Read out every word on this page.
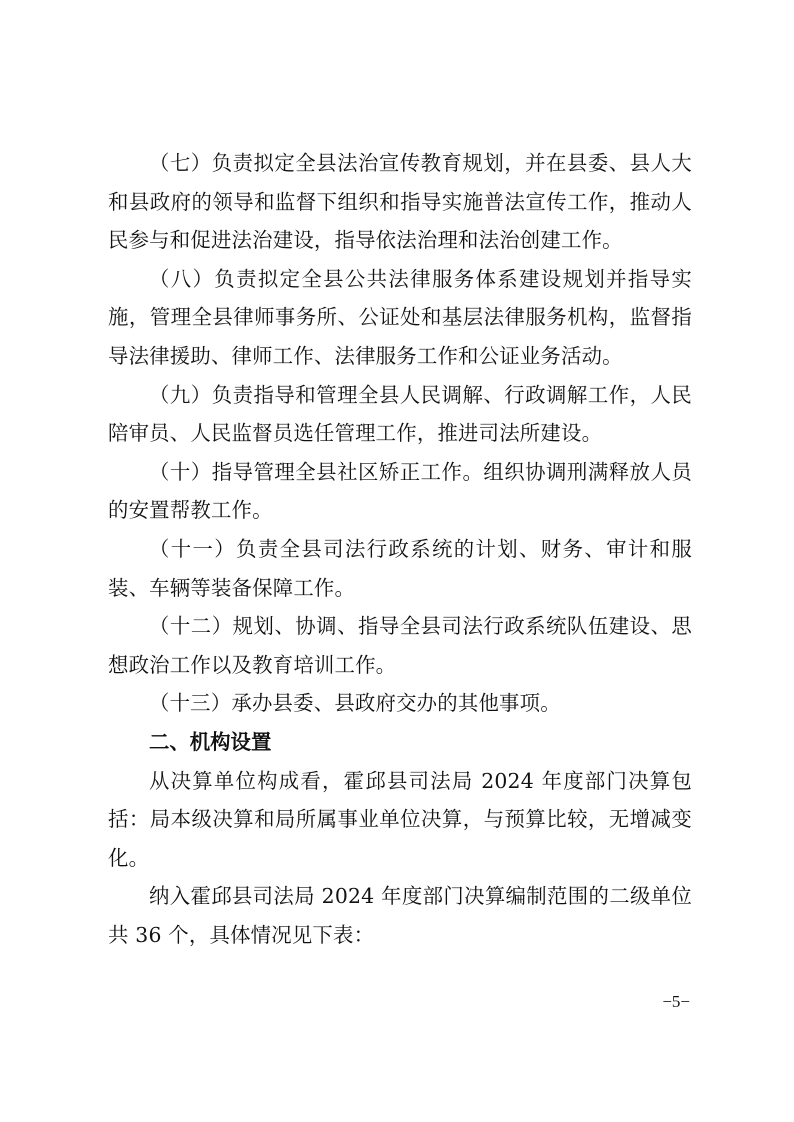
（七）负责拟定全县法治宣传教育规划，并在县委、县人大和县政府的领导和监督下组织和指导实施普法宣传工作，推动人民参与和促进法治建设，指导依法治理和法治创建工作。

（八）负责拟定全县公共法律服务体系建设规划并指导实施，管理全县律师事务所、公证处和基层法律服务机构，监督指导法律援助、律师工作、法律服务工作和公证业务活动。

（九）负责指导和管理全县人民调解、行政调解工作，人民陪审员、人民监督员选任管理工作，推进司法所建设。

（十）指导管理全县社区矫正工作。组织协调刑满释放人员的安置帮教工作。

（十一）负责全县司法行政系统的计划、财务、审计和服装、车辆等装备保障工作。

（十二）规划、协调、指导全县司法行政系统队伍建设、思想政治工作以及教育培训工作。

（十三）承办县委、县政府交办的其他事项。

二、机构设置

从决算单位构成看，霍邱县司法局 2024 年度部门决算包括：局本级决算和局所属事业单位决算，与预算比较，无增减变化。

纳入霍邱县司法局 2024 年度部门决算编制范围的二级单位共 36 个，具体情况见下表：

−5−
